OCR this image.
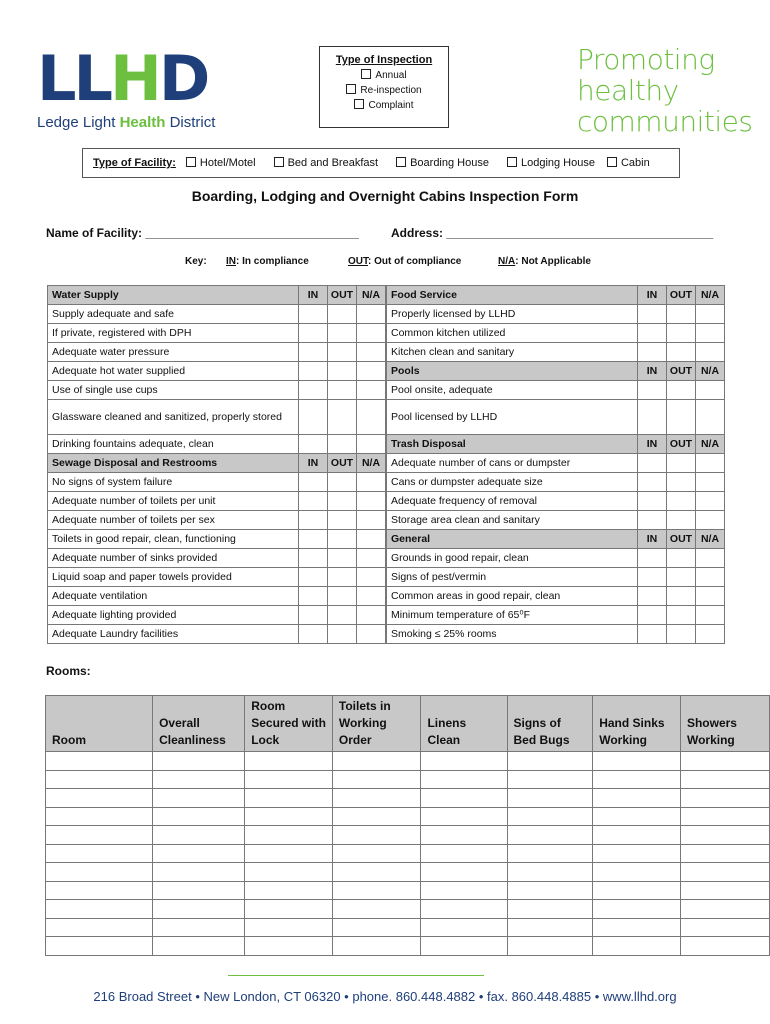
LLHD
Ledge Light Health District
Type of Inspection
Annual
Re-inspection
Complaint
Promoting
healthy
communities
Type of Facility:	Hotel/Motel	Bed and Breakfast	Boarding House	Lodging House	Cabin
Boarding, Lodging and Overnight Cabins Inspection Form
Name of Facility: ________________________________	Address: ________________________________________
Key: IN: In compliance	OUT: Out of compliance	N/A: Not Applicable
Water Supply	IN	OUT	N/A
Supply adequate and safe			
If private, registered with DPH			
Adequate water pressure			
Adequate hot water supplied			
Use of single use cups			
Glassware cleaned and sanitized, properly stored			
Drinking fountains adequate, clean			
Sewage Disposal and Restrooms	IN	OUT	N/A
No signs of system failure			
Adequate number of toilets per unit			
Adequate number of toilets per sex			
Toilets in good repair, clean, functioning			
Adequate number of sinks provided			
Liquid soap and paper towels provided			
Adequate ventilation			
Adequate lighting provided			
Adequate Laundry facilities			
Food Service	IN	OUT	N/A
Properly licensed by LLHD			
Common kitchen utilized			
Kitchen clean and sanitary			
Pools	IN	OUT	N/A
Pool onsite, adequate			
Pool licensed by LLHD			
Trash Disposal	IN	OUT	N/A
Adequate number of cans or dumpster			
Cans or dumpster adequate size			
Adequate frequency of removal			
Storage area clean and sanitary			
General	IN	OUT	N/A
Grounds in good repair, clean			
Signs of pest/vermin			
Common areas in good repair, clean			
Minimum temperature of 65⁰F			
Smoking ≤ 25% rooms			
Rooms:
Room	Overall Cleanliness	Room Secured with Lock	Toilets in Working Order	Linens Clean	Signs of Bed Bugs	Hand Sinks Working	Showers Working

216 Broad Street • New London, CT 06320 • phone. 860.448.4882 • fax. 860.448.4885 • www.llhd.org
